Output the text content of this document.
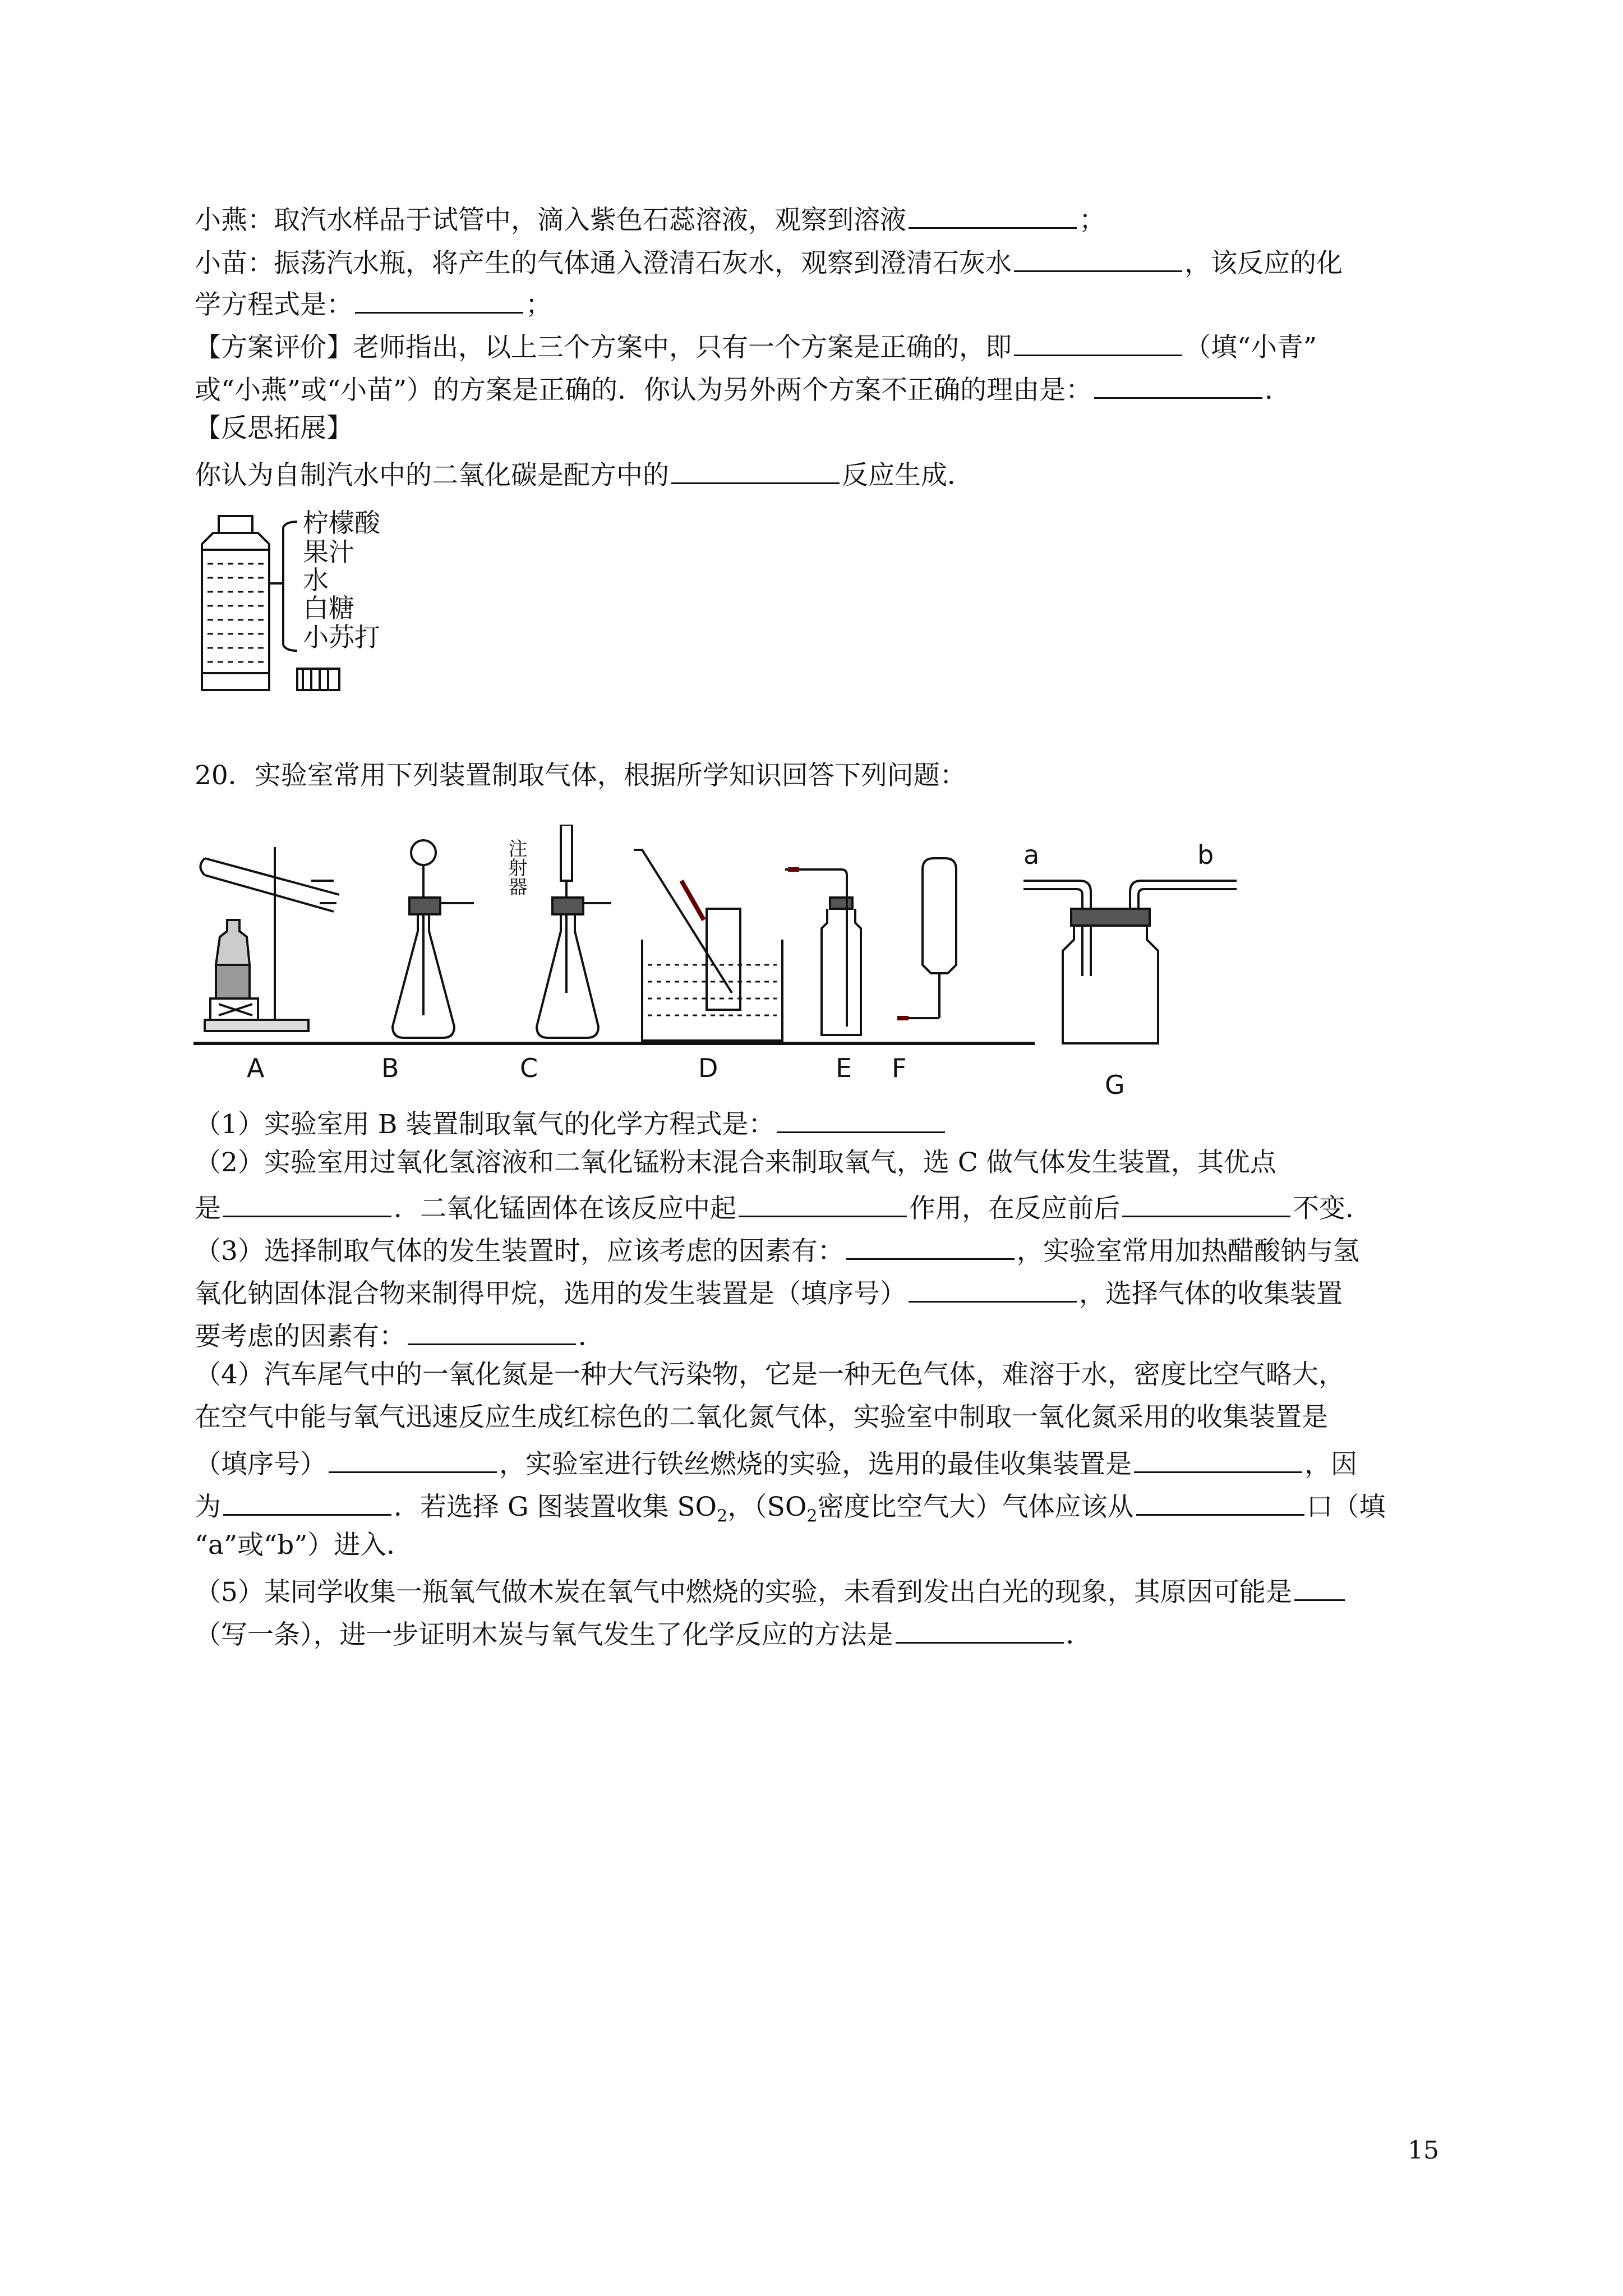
小燕：取汽水样品于试管中，滴入紫色石蕊溶液，观察到溶液	；
小苗：振荡汽水瓶，将产生的气体通入澄清石灰水，观察到澄清石灰水	，该反应的化
学方程式是：	；
【方案评价】老师指出，以上三个方案中，只有一个方案是正确的，即	（填“小青”
或“小燕”或“小苗”）的方案是正确的．你认为另外两个方案不正确的理由是：	．
【反思拓展】
你认为自制汽水中的二氧化碳是配方中的	反应生成．
柠檬酸
果汁
水
白糖
小苏打
20．实验室常用下列装置制取气体，根据所学知识回答下列问题：
A	B	C	D	E F
G
a	b
注射器
（1）实验室用 B 装置制取氧气的化学方程式是：
（2）实验室用过氧化氢溶液和二氧化锰粉末混合来制取氧气，选 C 做气体发生装置，其优点
是	．二氧化锰固体在该反应中起	作用，在反应前后	不变．
（3）选择制取气体的发生装置时，应该考虑的因素有：	，实验室常用加热醋酸钠与氢
氧化钠固体混合物来制得甲烷，选用的发生装置是（填序号）	，选择气体的收集装置
要考虑的因素有：	．
（4）汽车尾气中的一氧化氮是一种大气污染物，它是一种无色气体，难溶于水，密度比空气略大，
在空气中能与氧气迅速反应生成红棕色的二氧化氮气体，实验室中制取一氧化氮采用的收集装置是
（填序号）	，实验室进行铁丝燃烧的实验，选用的最佳收集装置是	，因
为	．若选择 G 图装置收集 $SO_2$，（$SO_2$密度比空气大）气体应该从	口（填
“a”或“b”）进入．
（5）某同学收集一瓶氧气做木炭在氧气中燃烧的实验，未看到发出白光的现象，其原因可能是
（写一条），进一步证明木炭与氧气发生了化学反应的方法是	．
15
